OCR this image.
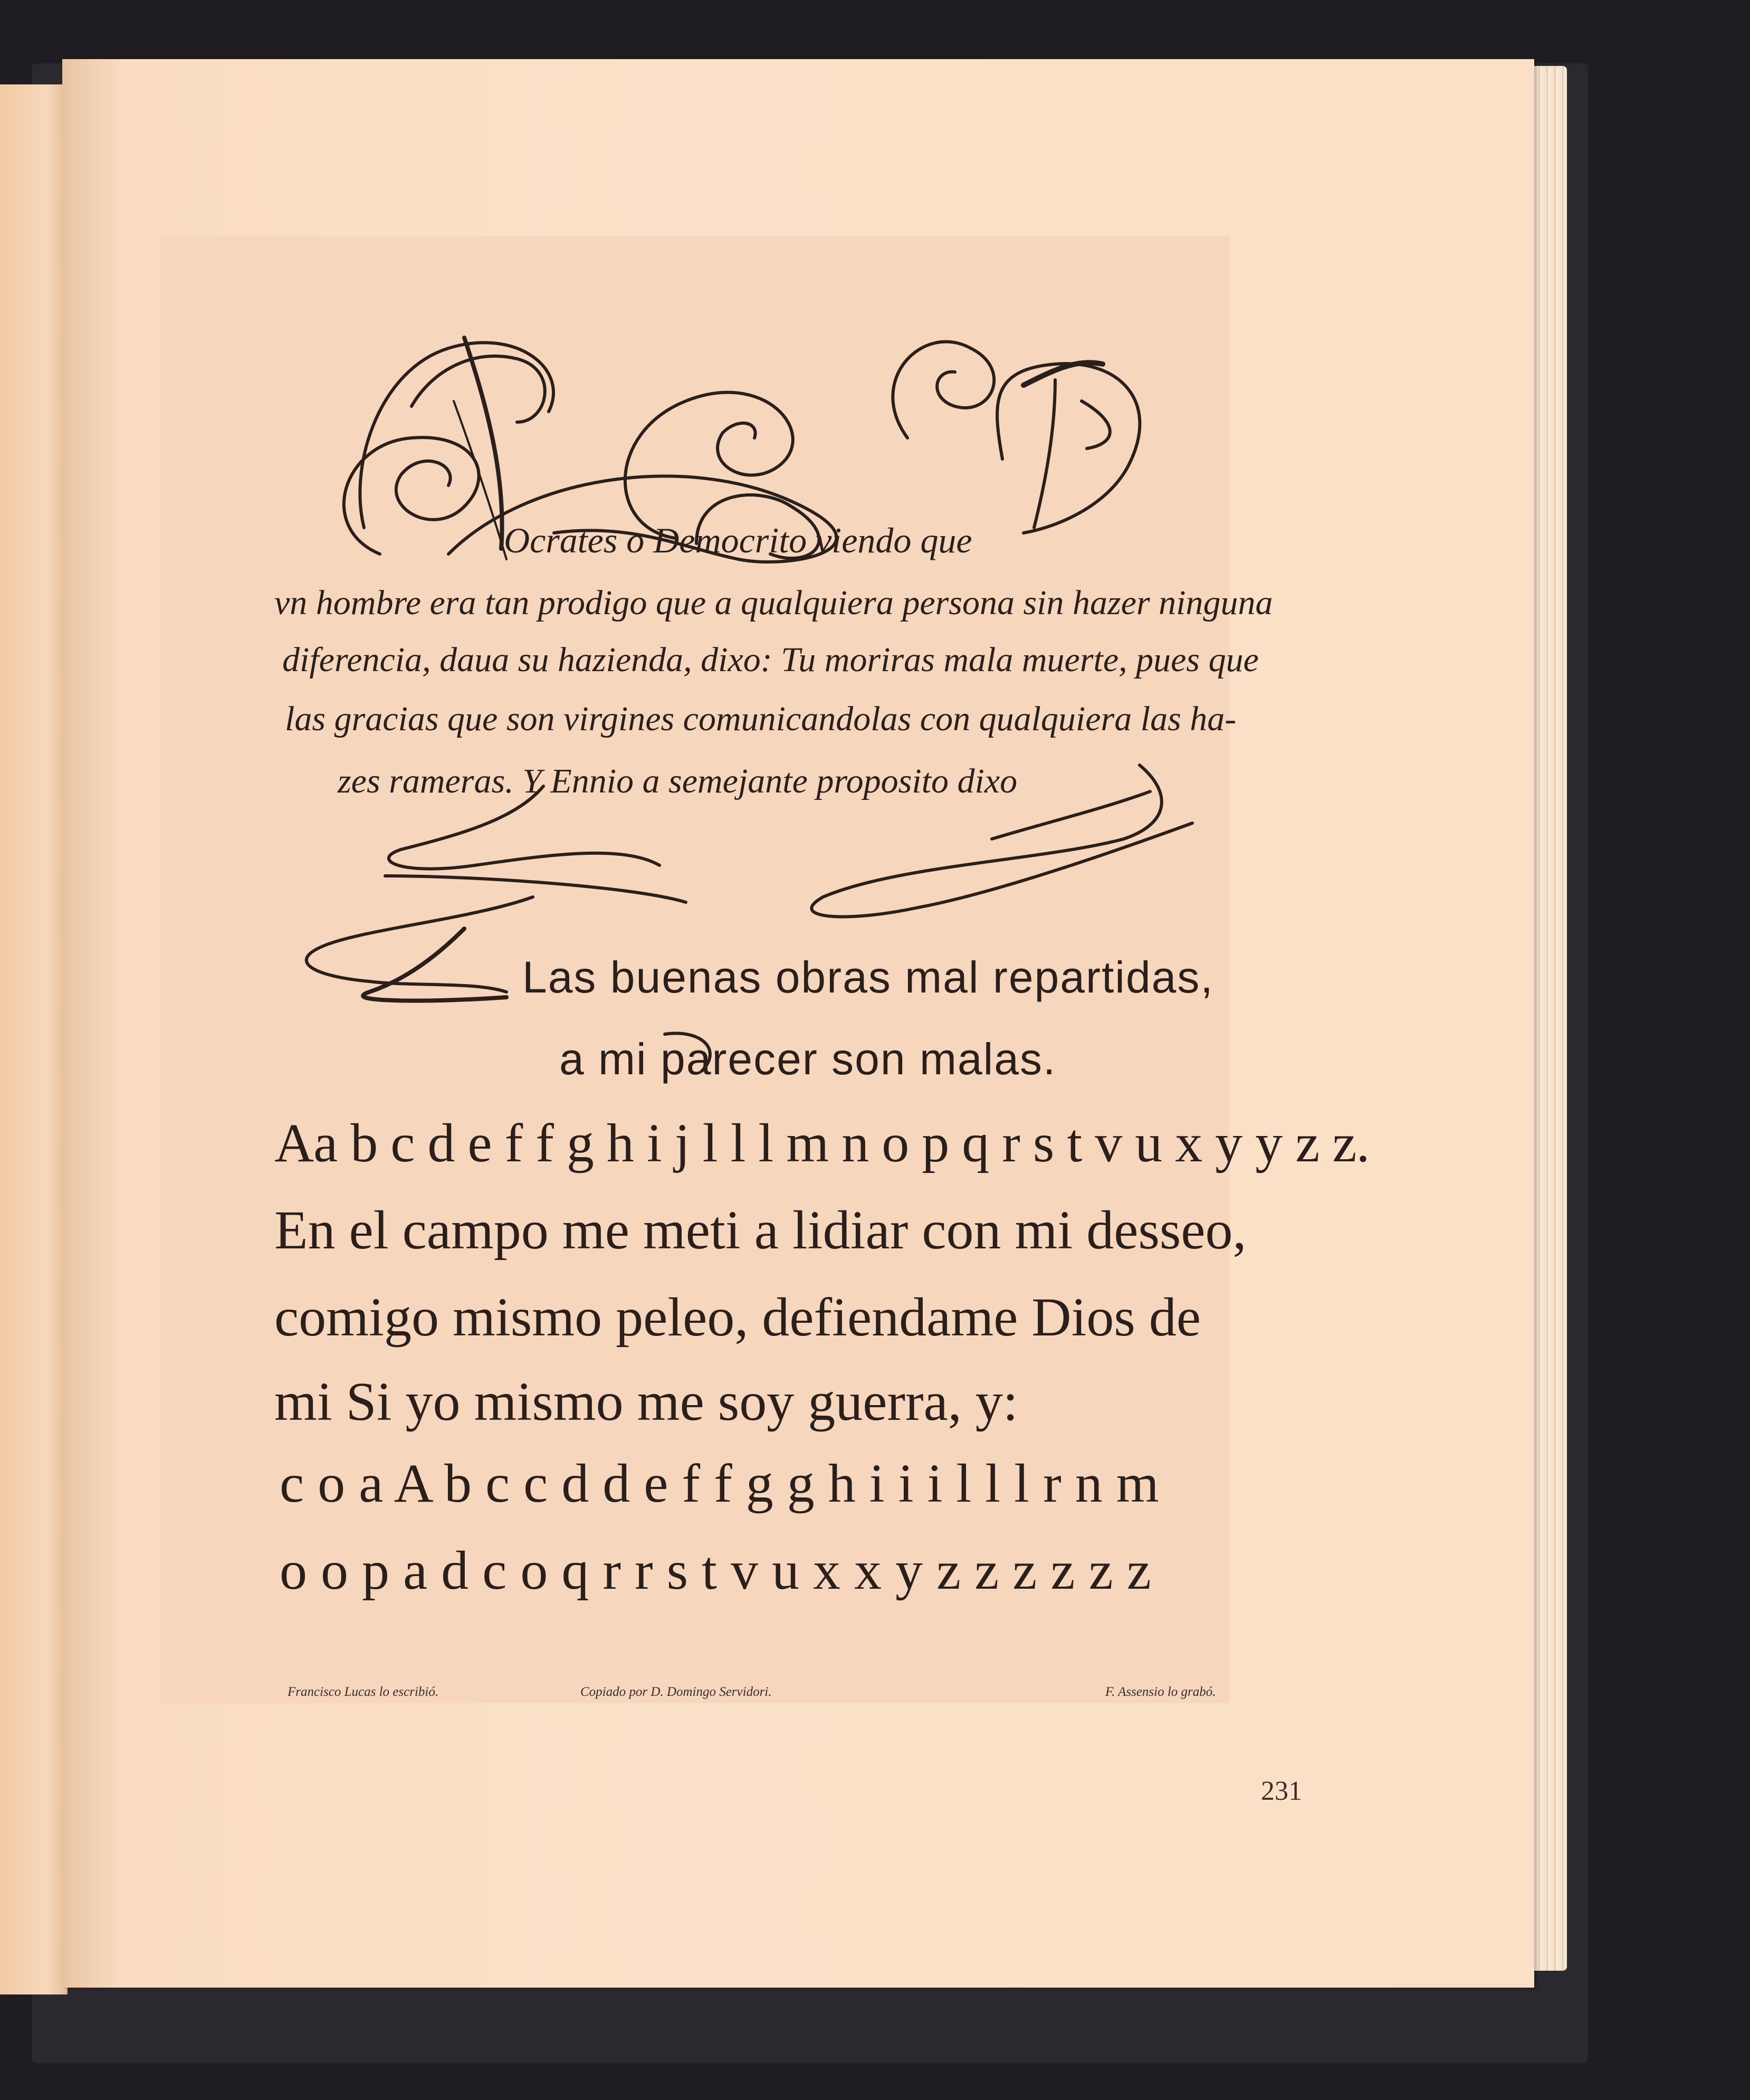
Ocrates o Democrito viendo que
vn hombre era tan prodigo que a qualquiera persona sin hazer ninguna
diferencia, daua su hazienda, dixo: Tu moriras mala muerte, pues que
las gracias que son virgines comunicandolas con qualquiera las ha-
zes rameras. Y Ennio a semejante proposito dixo
Las buenas obras mal repartidas,
a mi parecer son malas.
Aa b c d e f f g h i j l l l m n o p q r s t v u x y y z z.
En el campo me meti a lidiar con mi desseo,
comigo mismo peleo, defiendame Dios de
mi Si yo mismo me soy guerra, y:
c o a A b c c d d e f f g g h i i i l l l r n m
o o p a d c o q r r s t v u x x y z z z z z z
Francisco Lucas lo escribió.	Copiado por D. Domingo Servidori.	F. Assensio lo grabó.
231
